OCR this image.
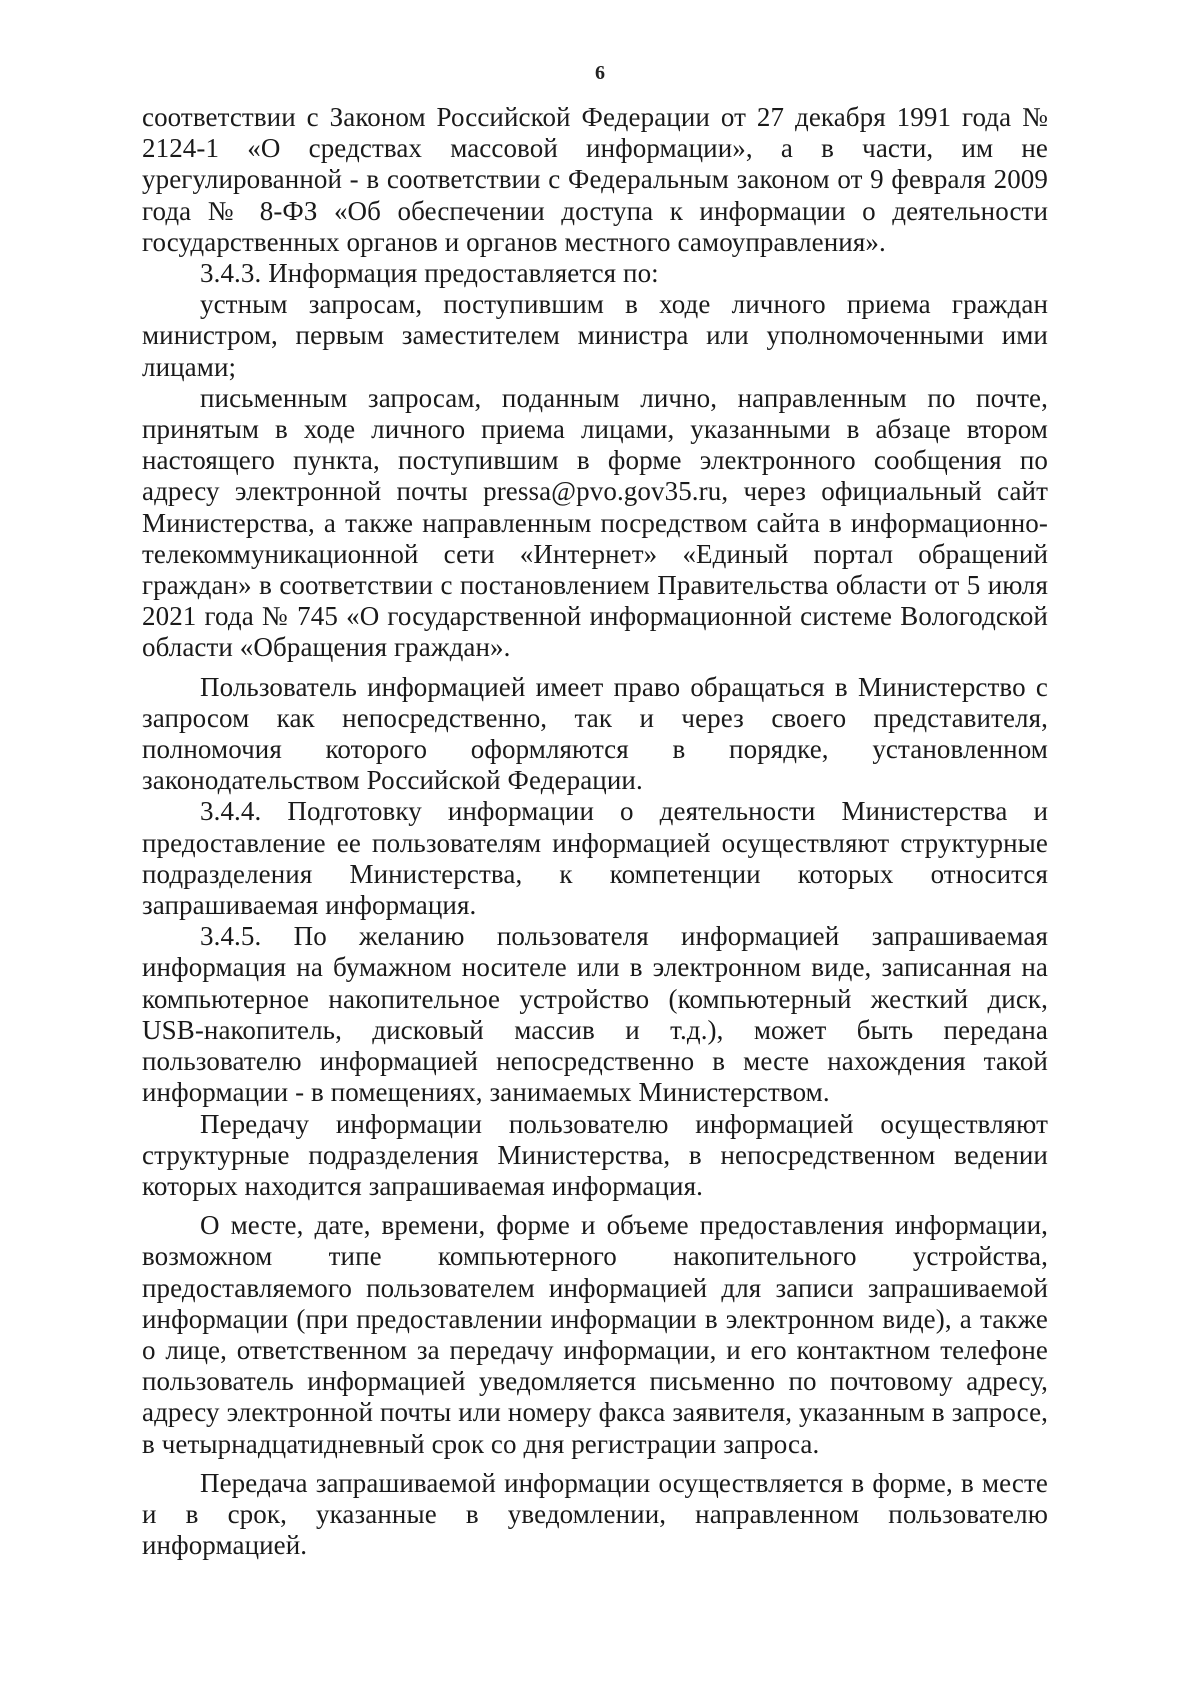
6

соответствии с Законом Российской Федерации от 27 декабря 1991 года № 2124-1 «О средствах массовой информации», а в части, им не урегулированной - в соответствии с Федеральным законом от 9 февраля 2009 года № 8-ФЗ «Об обеспечении доступа к информации о деятельности государственных органов и органов местного самоуправления».

3.4.3. Информация предоставляется по:

устным запросам, поступившим в ходе личного приема граждан министром, первым заместителем министра или уполномоченными ими лицами;

письменным запросам, поданным лично, направленным по почте, принятым в ходе личного приема лицами, указанными в абзаце втором настоящего пункта, поступившим в форме электронного сообщения по адресу электронной почты pressa@pvo.gov35.ru, через официальный сайт Министерства, а также направленным посредством сайта в информационно-телекоммуникационной сети «Интернет» «Единый портал обращений граждан» в соответствии с постановлением Правительства области от 5 июля 2021 года № 745 «О государственной информационной системе Вологодской области «Обращения граждан».

Пользователь информацией имеет право обращаться в Министерство с запросом как непосредственно, так и через своего представителя, полномочия которого оформляются в порядке, установленном законодательством Российской Федерации.

3.4.4. Подготовку информации о деятельности Министерства и предоставление ее пользователям информацией осуществляют структурные подразделения Министерства, к компетенции которых относится запрашиваемая информация.

3.4.5. По желанию пользователя информацией запрашиваемая информация на бумажном носителе или в электронном виде, записанная на компьютерное накопительное устройство (компьютерный жесткий диск, USB-накопитель, дисковый массив и т.д.), может быть передана пользователю информацией непосредственно в месте нахождения такой информации - в помещениях, занимаемых Министерством.

Передачу информации пользователю информацией осуществляют структурные подразделения Министерства, в непосредственном ведении которых находится запрашиваемая информация.

О месте, дате, времени, форме и объеме предоставления информации, возможном типе компьютерного накопительного устройства, предоставляемого пользователем информацией для записи запрашиваемой информации (при предоставлении информации в электронном виде), а также о лице, ответственном за передачу информации, и его контактном телефоне пользователь информацией уведомляется письменно по почтовому адресу, адресу электронной почты или номеру факса заявителя, указанным в запросе, в четырнадцатидневный срок со дня регистрации запроса.

Передача запрашиваемой информации осуществляется в форме, в месте и в срок, указанные в уведомлении, направленном пользователю информацией.
